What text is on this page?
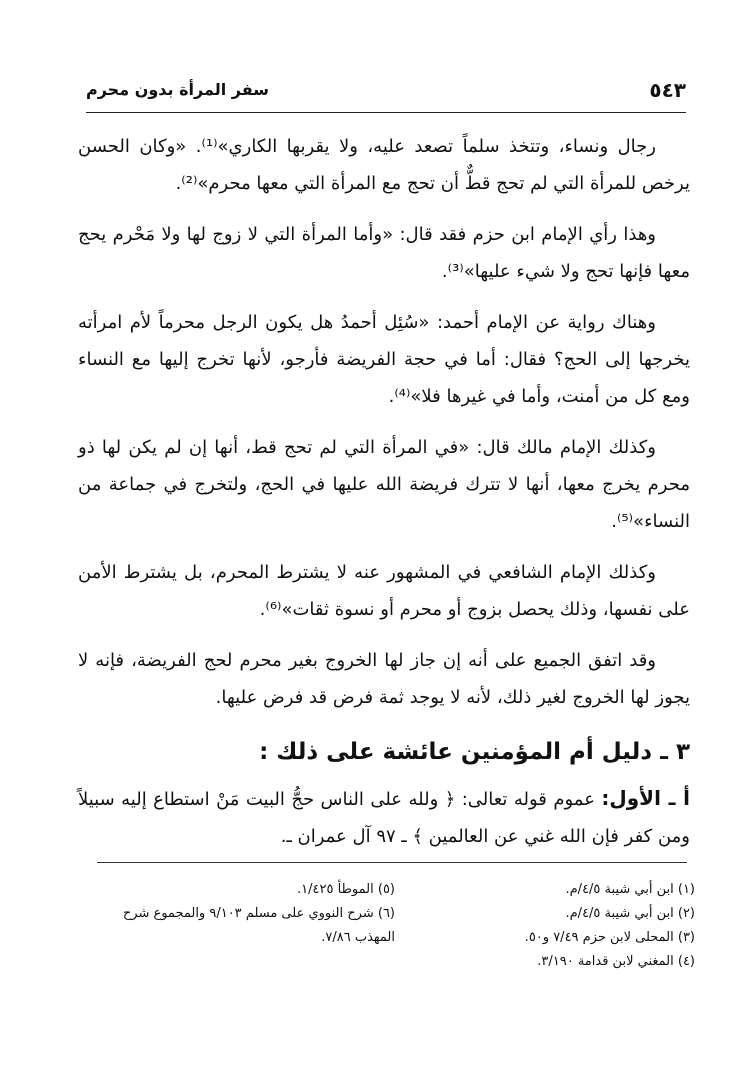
٥٤٣
سفر المرأة بدون محرم

رجال ونساء، وتتخذ سلماً تصعد عليه، ولا يقربها الكاري»⁽¹⁾. «وكان الحسن يرخص للمرأة التي لم تحج قطٌّ أن تحج مع المرأة التي معها محرم»⁽²⁾.

وهذا رأي الإمام ابن حزم فقد قال: «وأما المرأة التي لا زوج لها ولا مَحْرم يحج معها فإنها تحج ولا شيء عليها»⁽³⁾.

وهناك رواية عن الإمام أحمد: «سُئِل أحمدُ هل يكون الرجل محرماً لأم امرأته يخرجها إلى الحج؟ فقال: أما في حجة الفريضة فأرجو، لأنها تخرج إليها مع النساء ومع كل من أمنت، وأما في غيرها فلا»⁽⁴⁾.

وكذلك الإمام مالك قال: «في المرأة التي لم تحج قط، أنها إن لم يكن لها ذو محرم يخرج معها، أنها لا تترك فريضة الله عليها في الحج، ولتخرج في جماعة من النساء»⁽⁵⁾.

وكذلك الإمام الشافعي في المشهور عنه لا يشترط المحرم، بل يشترط الأمن على نفسها، وذلك يحصل بزوج أو محرم أو نسوة ثقات»⁽⁶⁾.

وقد اتفق الجميع على أنه إن جاز لها الخروج بغير محرم لحج الفريضة، فإنه لا يجوز لها الخروج لغير ذلك، لأنه لا يوجد ثمة فرض قد فرض عليها.

٣ ـ دليل أم المؤمنين عائشة على ذلك :

أ ـ الأول: عموم قوله تعالى: ﴿ ولله على الناس حجُّ البيت مَنْ استطاع إليه سبيلاً ومن كفر فإن الله غني عن العالمين ﴾ ـ ٩٧ آل عمران ـ.

(١) ابن أبي شيبة ٤/٥/م.
(٢) ابن أبي شيبة ٤/٥/م.
(٣) المحلى لابن حزم ٧/٤٩ و٥٠.
(٤) المغني لابن قدامة ٣/١٩٠.
(٥) الموطأ ١/٤٢٥.
(٦) شرح النووي على مسلم ٩/١٠٣ والمجموع شرح المهذب ٧/٨٦.
